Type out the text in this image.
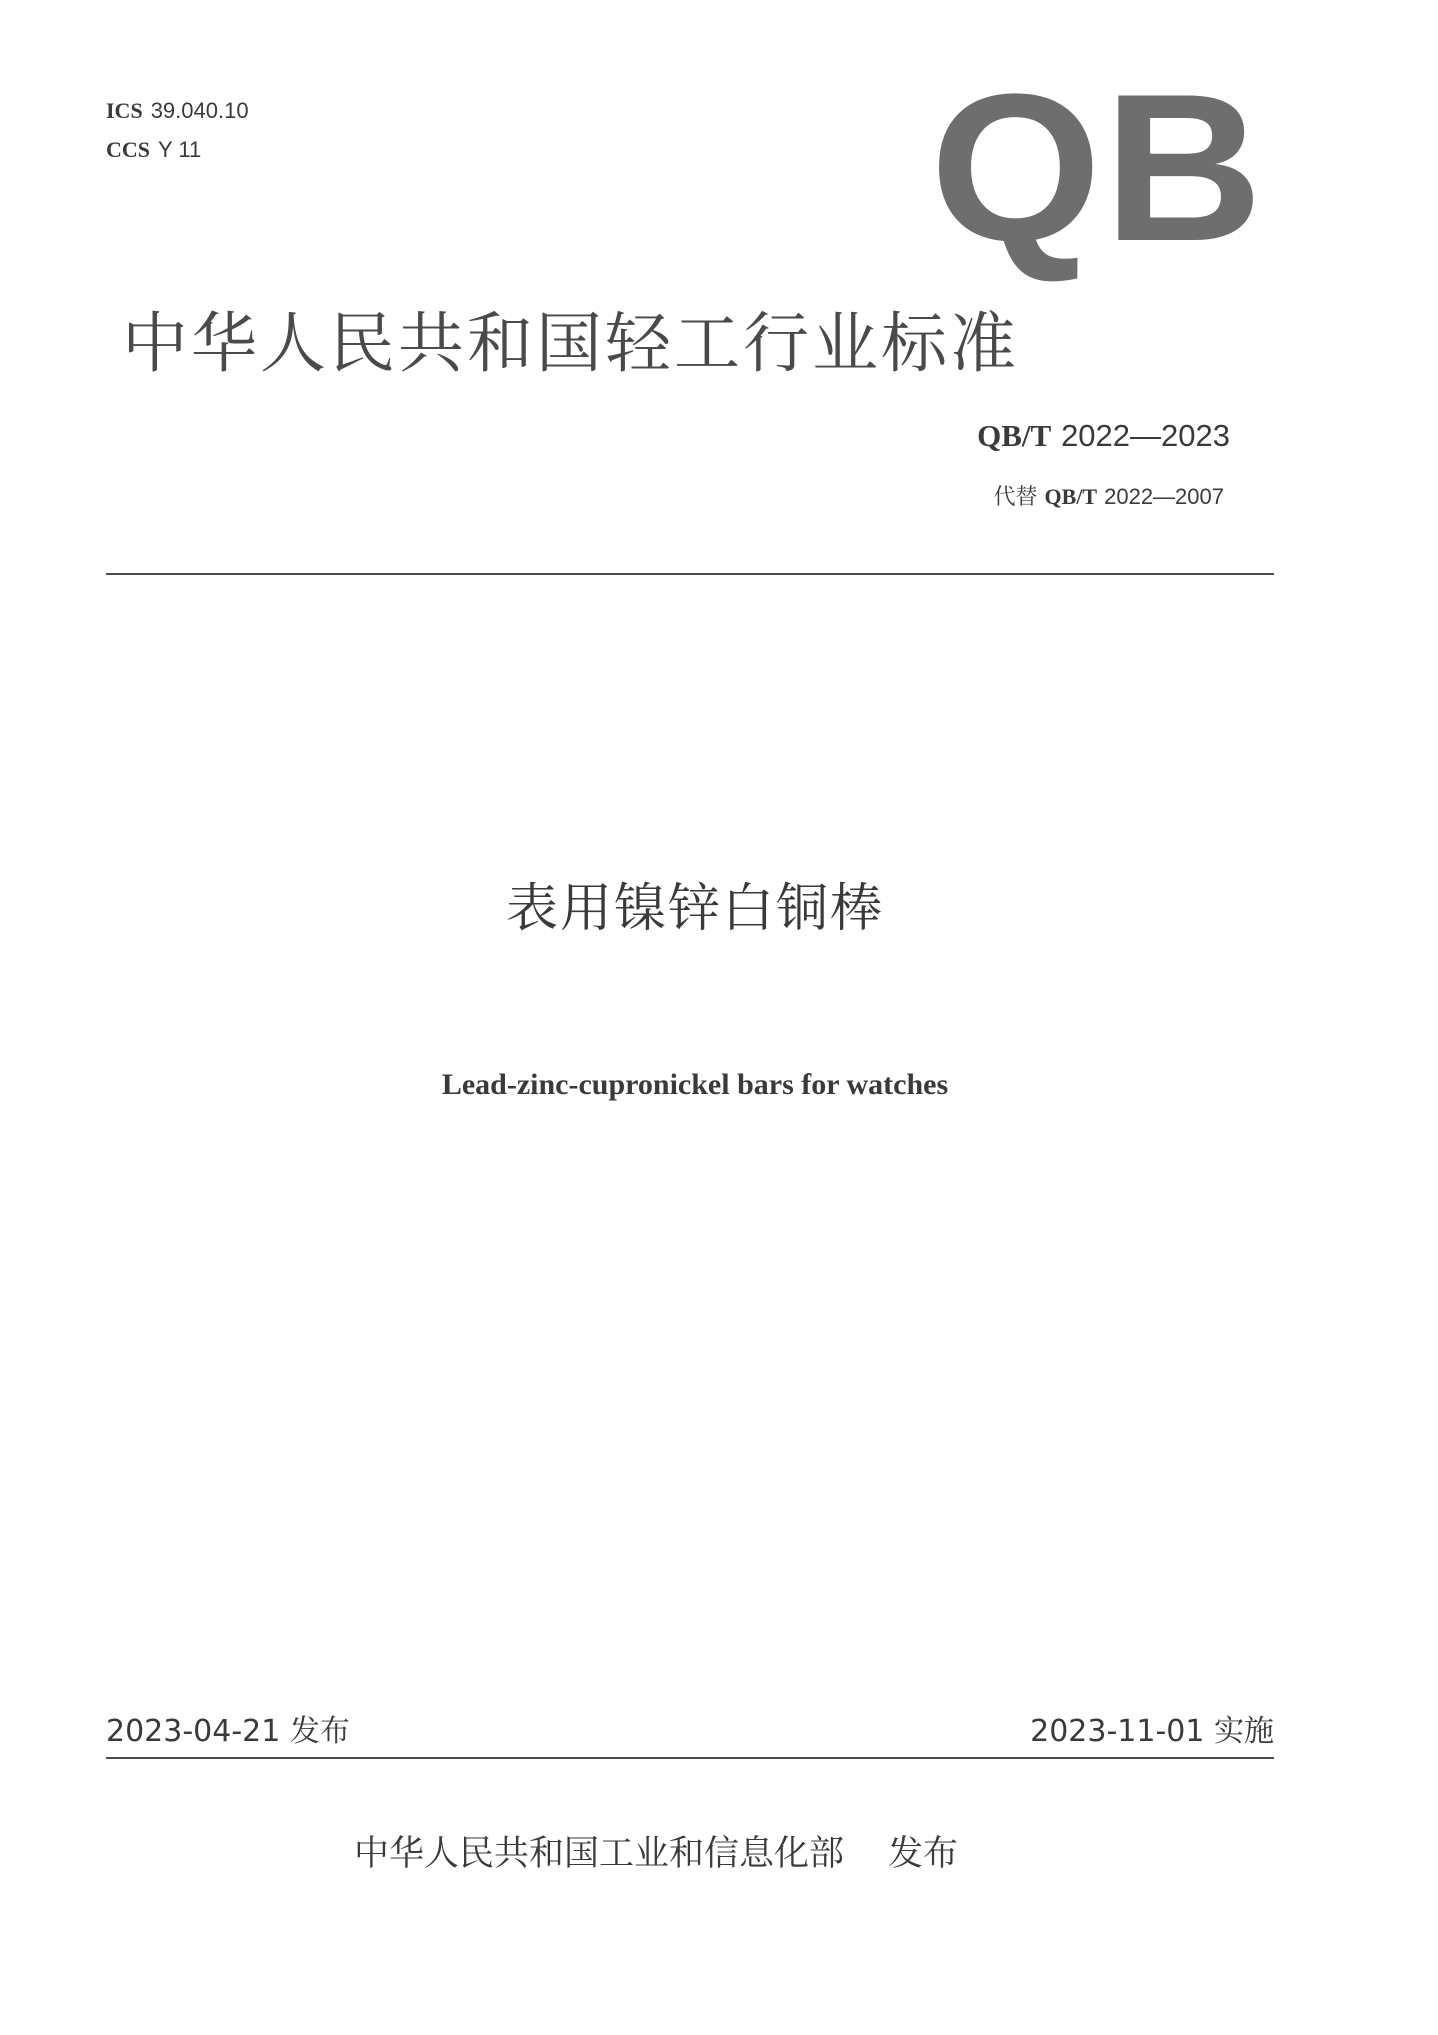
ICS 39.040.10
CCS Y 11	QB
中华人民共和国轻工行业标准
QB/T 2022—2023
代替 QB/T 2022—2007
表用镍锌白铜棒
Lead-zinc-cupronickel bars for watches
2023-04-21 发布	2023-11-01 实施
中华人民共和国工业和信息化部 发布
